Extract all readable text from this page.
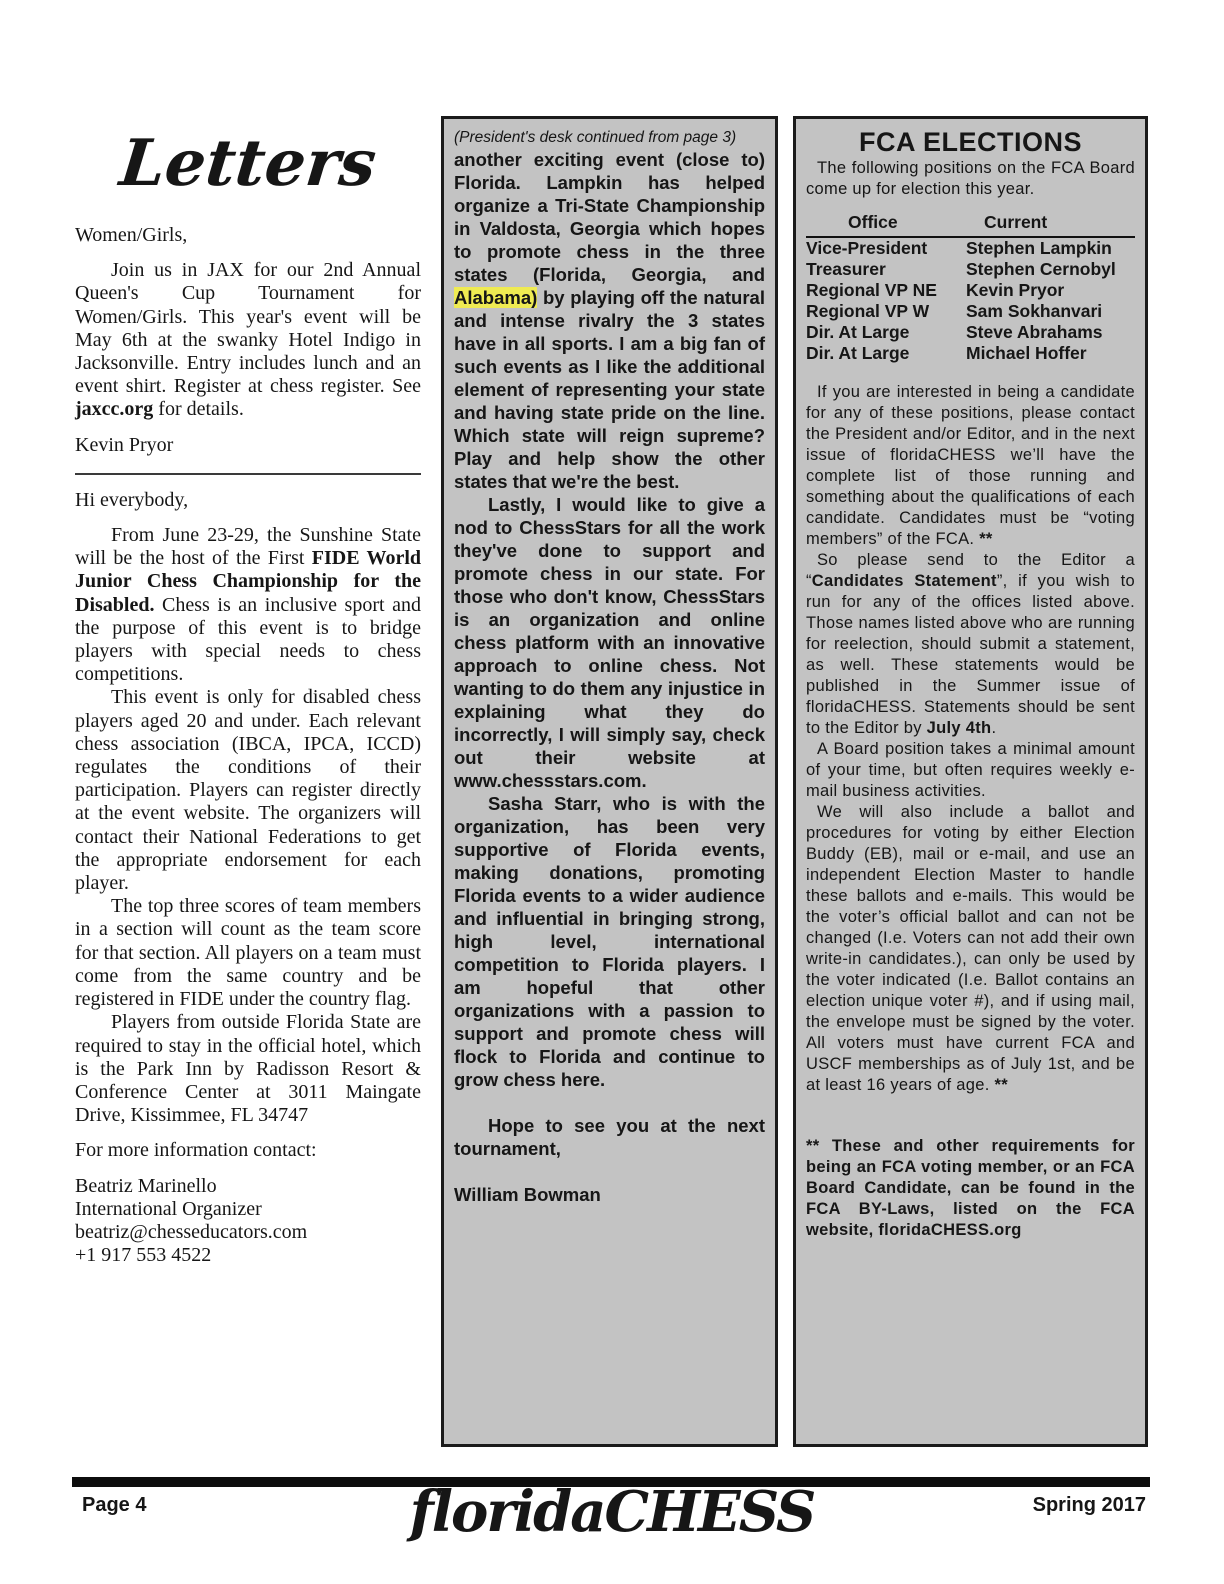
Letters

Women/Girls,

Join us in JAX for our 2nd Annual Queen's Cup Tournament for Women/Girls. This year's event will be May 6th at the swanky Hotel Indigo in Jacksonville. Entry includes lunch and an event shirt. Register at chess register. See jaxcc.org for details.

Kevin Pryor

Hi everybody,

From June 23-29, the Sunshine State will be the host of the First FIDE World Junior Chess Championship for the Disabled. Chess is an inclusive sport and the purpose of this event is to bridge players with special needs to chess competitions.

This event is only for disabled chess players aged 20 and under. Each relevant chess association (IBCA, IPCA, ICCD) regulates the conditions of their participation. Players can register directly at the event website. The organizers will contact their National Federations to get the appropriate endorsement for each player.

The top three scores of team members in a section will count as the team score for that section. All players on a team must come from the same country and be registered in FIDE under the country flag.

Players from outside Florida State are required to stay in the official hotel, which is the Park Inn by Radisson Resort & Conference Center at 3011 Maingate Drive, Kissimmee, FL 34747

For more information contact:

Beatriz Marinello
International Organizer
beatriz@chesseducators.com
+1 917 553 4522

(President's desk continued from page 3)

another exciting event (close to) Florida. Lampkin has helped organize a Tri-State Championship in Valdosta, Georgia which hopes to promote chess in the three states (Florida, Georgia, and Alabama) by playing off the natural and intense rivalry the 3 states have in all sports. I am a big fan of such events as I like the additional element of representing your state and having state pride on the line. Which state will reign supreme? Play and help show the other states that we're the best.

Lastly, I would like to give a nod to ChessStars for all the work they've done to support and promote chess in our state. For those who don't know, ChessStars is an organization and online chess platform with an innovative approach to online chess. Not wanting to do them any injustice in explaining what they do incorrectly, I will simply say, check out their website at www.chessstars.com.

Sasha Starr, who is with the organization, has been very supportive of Florida events, making donations, promoting Florida events to a wider audience and influential in bringing strong, high level, international competition to Florida players. I am hopeful that other organizations with a passion to support and promote chess will flock to Florida and continue to grow chess here.

Hope to see you at the next tournament,

William Bowman

FCA ELECTIONS

The following positions on the FCA Board come up for election this year.

Office	Current
Vice-President Stephen Lampkin
Treasurer	Stephen Cernobyl
Regional VP NE Kevin Pryor
Regional VP W Sam Sokhanvari
Dir. At Large	Steve Abrahams
Dir. At Large	Michael Hoffer

If you are interested in being a candidate for any of these positions, please contact the President and/or Editor, and in the next issue of floridaCHESS we’ll have the complete list of those running and something about the qualifications of each candidate. Candidates must be “voting members” of the FCA. **

So please send to the Editor a “Candidates Statement”, if you wish to run for any of the offices listed above. Those names listed above who are running for reelection, should submit a statement, as well. These statements would be published in the Summer issue of floridaCHESS. Statements should be sent to the Editor by July 4th.

A Board position takes a minimal amount of your time, but often requires weekly e-mail business activities.

We will also include a ballot and procedures for voting by either Election Buddy (EB), mail or e-mail, and use an independent Election Master to handle these ballots and e-mails. This would be the voter’s official ballot and can not be changed (I.e. Voters can not add their own write-in candidates.), can only be used by the voter indicated (I.e. Ballot contains an election unique voter #), and if using mail, the envelope must be signed by the voter. All voters must have current FCA and USCF memberships as of July 1st, and be at least 16 years of age. **

** These and other requirements for being an FCA voting member, or an FCA Board Candidate, can be found in the FCA BY-Laws, listed on the FCA website, floridaCHESS.org

Page 4	floridaCHESS	Spring 2017
